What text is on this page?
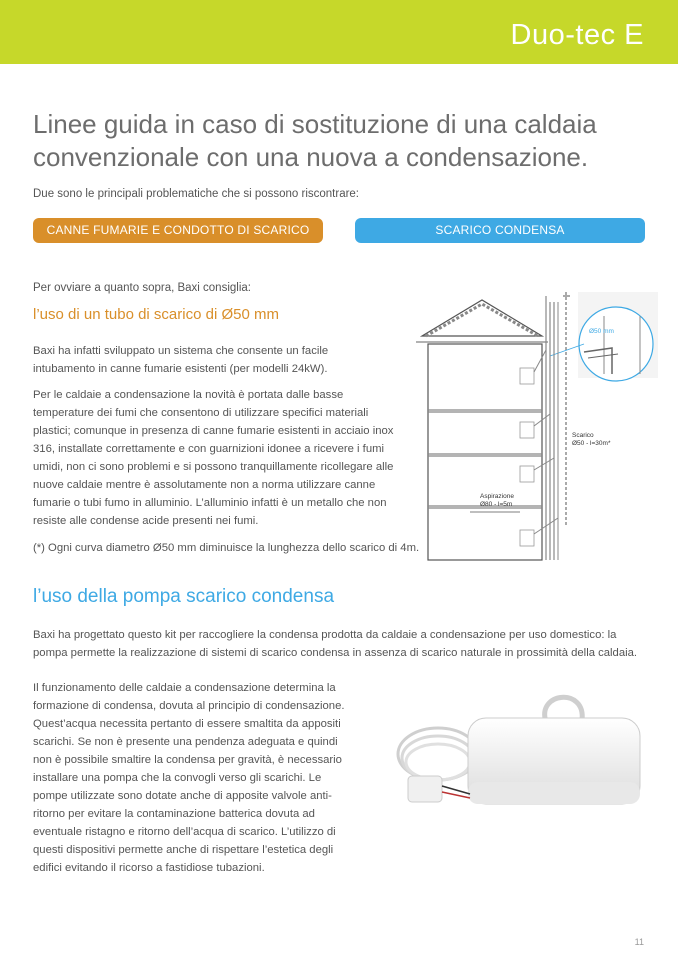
Duo-tec E
Linee guida in caso di sostituzione di una caldaia
convenzionale con una nuova a condensazione.
Due sono le principali problematiche che si possono riscontrare:
CANNE FUMARIE E CONDOTTO DI SCARICO FUMI
SCARICO CONDENSA
Per ovviare a quanto sopra, Baxi consiglia:
l’uso di un tubo di scarico di Ø50 mm

Baxi ha infatti sviluppato un sistema che consente un facile intubamento in canne fumarie esistenti (per modelli 24kW).

Per le caldaie a condensazione la novità è portata dalle basse temperature dei fumi che consentono di utilizzare specifici materiali plastici; comunque in presenza di canne fumarie esistenti in acciaio inox 316, installate correttamente e con guarnizioni idonee a ricevere i fumi umidi, non ci sono problemi e si possono tranquillamente ricollegare alle nuove caldaie mentre è assolutamente non a norma utilizzare canne fumarie o tubi fumo in alluminio. L’alluminio infatti è un metallo che non resiste alle condense acide presenti nei fumi.

(*) Ogni curva diametro Ø50 mm diminuisce la lunghezza dello scarico di 4m.

Ø50 mm
Scarico
Ø50 - l=30m*
Aspirazione
Ø80 - l=5m
l’uso della pompa scarico condensa

Baxi ha progettato questo kit per raccogliere la condensa prodotta da caldaie a condensazione per uso domestico: la pompa permette la realizzazione di sistemi di scarico condensa in assenza di scarico naturale in prossimità della caldaia.

Il funzionamento delle caldaie a condensazione determina la formazione di condensa, dovuta al principio di condensazione. Quest’acqua necessita pertanto di essere smaltita da appositi scarichi. Se non è presente una pendenza adeguata e quindi non è possibile smaltire la condensa per gravità, è necessario installare una pompa che la convogli verso gli scarichi. Le pompe utilizzate sono dotate anche di apposite valvole anti-ritorno per evitare la contaminazione batterica dovuta ad eventuale ristagno e ritorno dell’acqua di scarico. L’utilizzo di questi dispositivi permette anche di rispettare l’estetica degli edifici evitando il ricorso a fastidiose tubazioni.

11
